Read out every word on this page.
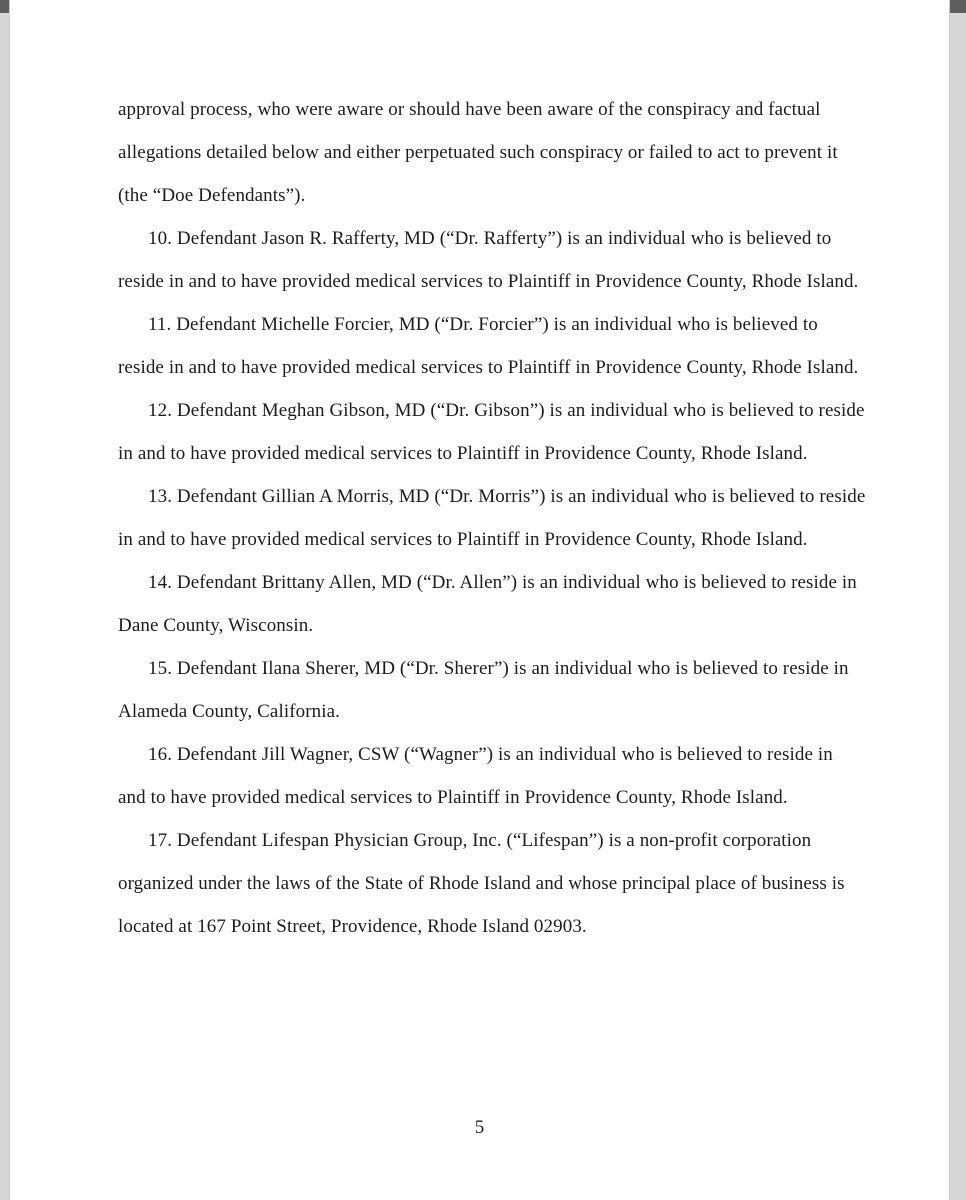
approval process, who were aware or should have been aware of the conspiracy and factual
allegations detailed below and either perpetuated such conspiracy or failed to act to prevent it
(the “Doe Defendants”).
10. Defendant Jason R. Rafferty, MD (“Dr. Rafferty”) is an individual who is believed to
reside in and to have provided medical services to Plaintiff in Providence County, Rhode Island.
11. Defendant Michelle Forcier, MD (“Dr. Forcier”) is an individual who is believed to
reside in and to have provided medical services to Plaintiff in Providence County, Rhode Island.
12. Defendant Meghan Gibson, MD (“Dr. Gibson”) is an individual who is believed to reside
in and to have provided medical services to Plaintiff in Providence County, Rhode Island.
13. Defendant Gillian A Morris, MD (“Dr. Morris”) is an individual who is believed to reside
in and to have provided medical services to Plaintiff in Providence County, Rhode Island.
14. Defendant Brittany Allen, MD (“Dr. Allen”) is an individual who is believed to reside in
Dane County, Wisconsin.
15. Defendant Ilana Sherer, MD (“Dr. Sherer”) is an individual who is believed to reside in
Alameda County, California.
16. Defendant Jill Wagner, CSW (“Wagner”) is an individual who is believed to reside in
and to have provided medical services to Plaintiff in Providence County, Rhode Island.
17. Defendant Lifespan Physician Group, Inc. (“Lifespan”) is a non-profit corporation
organized under the laws of the State of Rhode Island and whose principal place of business is
located at 167 Point Street, Providence, Rhode Island 02903.
5
